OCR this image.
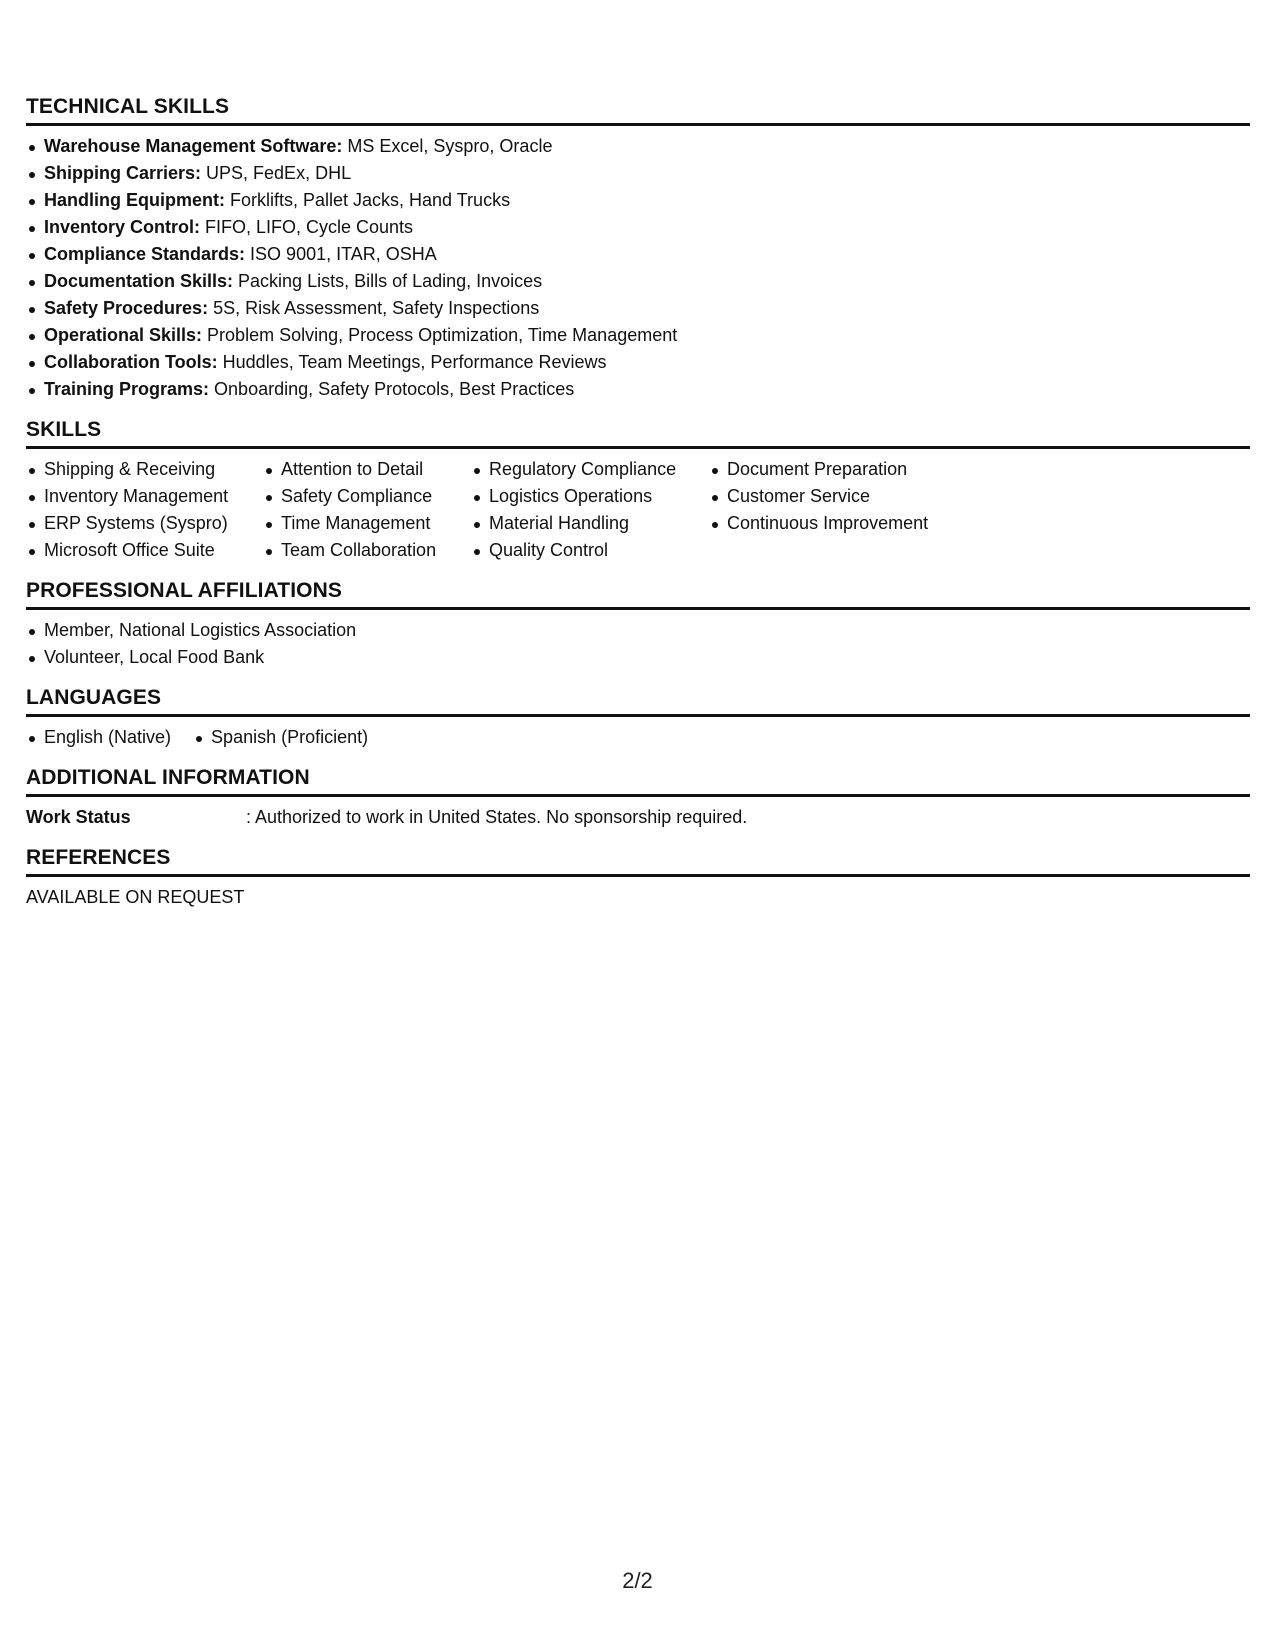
TECHNICAL SKILLS
Warehouse Management Software: MS Excel, Syspro, Oracle
Shipping Carriers: UPS, FedEx, DHL
Handling Equipment: Forklifts, Pallet Jacks, Hand Trucks
Inventory Control: FIFO, LIFO, Cycle Counts
Compliance Standards: ISO 9001, ITAR, OSHA
Documentation Skills: Packing Lists, Bills of Lading, Invoices
Safety Procedures: 5S, Risk Assessment, Safety Inspections
Operational Skills: Problem Solving, Process Optimization, Time Management
Collaboration Tools: Huddles, Team Meetings, Performance Reviews
Training Programs: Onboarding, Safety Protocols, Best Practices
SKILLS
Shipping & Receiving
Inventory Management
ERP Systems (Syspro)
Microsoft Office Suite
Attention to Detail
Safety Compliance
Time Management
Team Collaboration
Regulatory Compliance
Logistics Operations
Material Handling
Quality Control
Document Preparation
Customer Service
Continuous Improvement
PROFESSIONAL AFFILIATIONS
Member, National Logistics Association
Volunteer, Local Food Bank
LANGUAGES
English (Native)	Spanish (Proficient)
ADDITIONAL INFORMATION
Work Status	: Authorized to work in United States. No sponsorship required.
REFERENCES
AVAILABLE ON REQUEST
2/2
